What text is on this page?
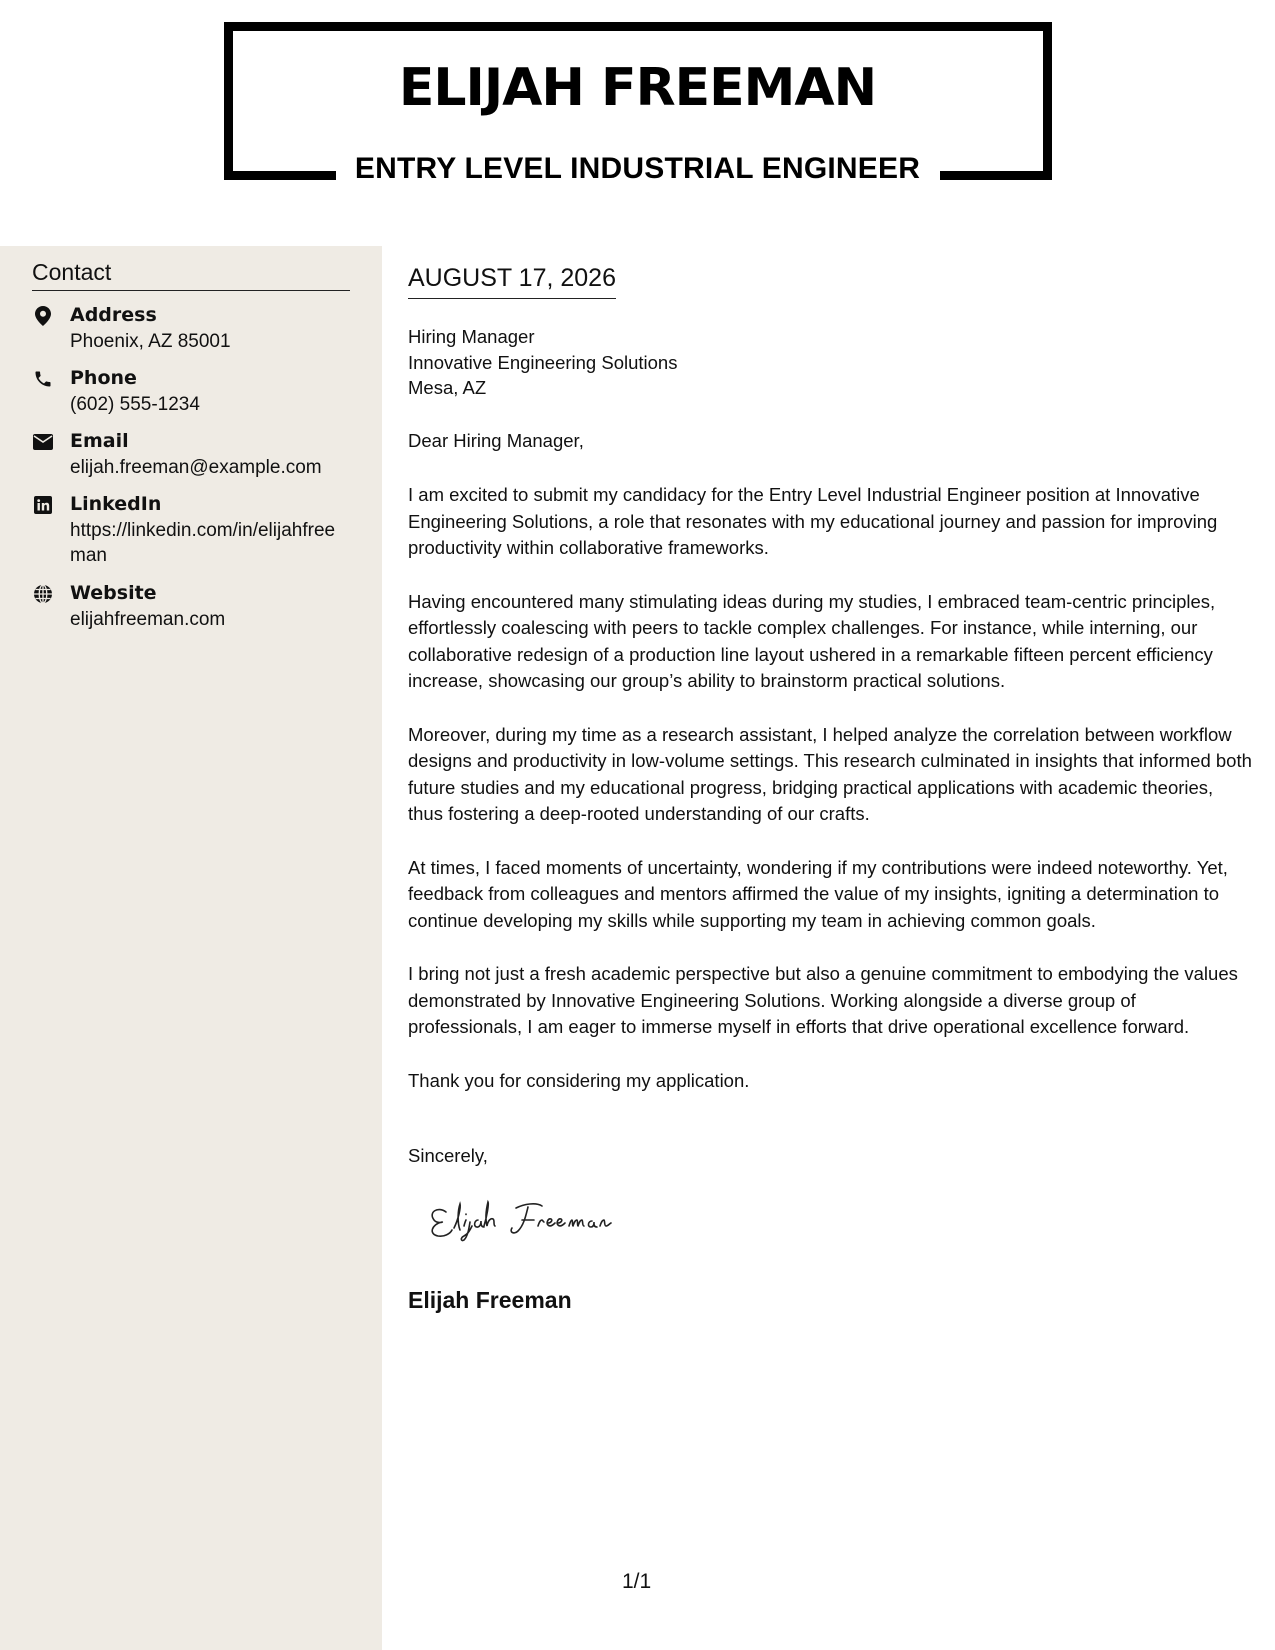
ELIJAH FREEMAN
ENTRY LEVEL INDUSTRIAL ENGINEER
Contact
Address
Phoenix, AZ 85001
Phone
(602) 555-1234
Email
elijah.freeman@example.com
LinkedIn
https://linkedin.com/in/elijahfreeman
Website
elijahfreeman.com
AUGUST 17, 2026
Hiring Manager
Innovative Engineering Solutions
Mesa, AZ
Dear Hiring Manager,

I am excited to submit my candidacy for the Entry Level Industrial Engineer position at Innovative Engineering Solutions, a role that resonates with my educational journey and passion for improving productivity within collaborative frameworks.

Having encountered many stimulating ideas during my studies, I embraced team-centric principles, effortlessly coalescing with peers to tackle complex challenges. For instance, while interning, our collaborative redesign of a production line layout ushered in a remarkable fifteen percent efficiency increase, showcasing our group’s ability to brainstorm practical solutions.

Moreover, during my time as a research assistant, I helped analyze the correlation between workflow designs and productivity in low-volume settings. This research culminated in insights that informed both future studies and my educational progress, bridging practical applications with academic theories, thus fostering a deep-rooted understanding of our crafts.

At times, I faced moments of uncertainty, wondering if my contributions were indeed noteworthy. Yet, feedback from colleagues and mentors affirmed the value of my insights, igniting a determination to continue developing my skills while supporting my team in achieving common goals.

I bring not just a fresh academic perspective but also a genuine commitment to embodying the values demonstrated by Innovative Engineering Solutions. Working alongside a diverse group of professionals, I am eager to immerse myself in efforts that drive operational excellence forward.

Thank you for considering my application.

Sincerely,
Elijah Freeman
1/1
